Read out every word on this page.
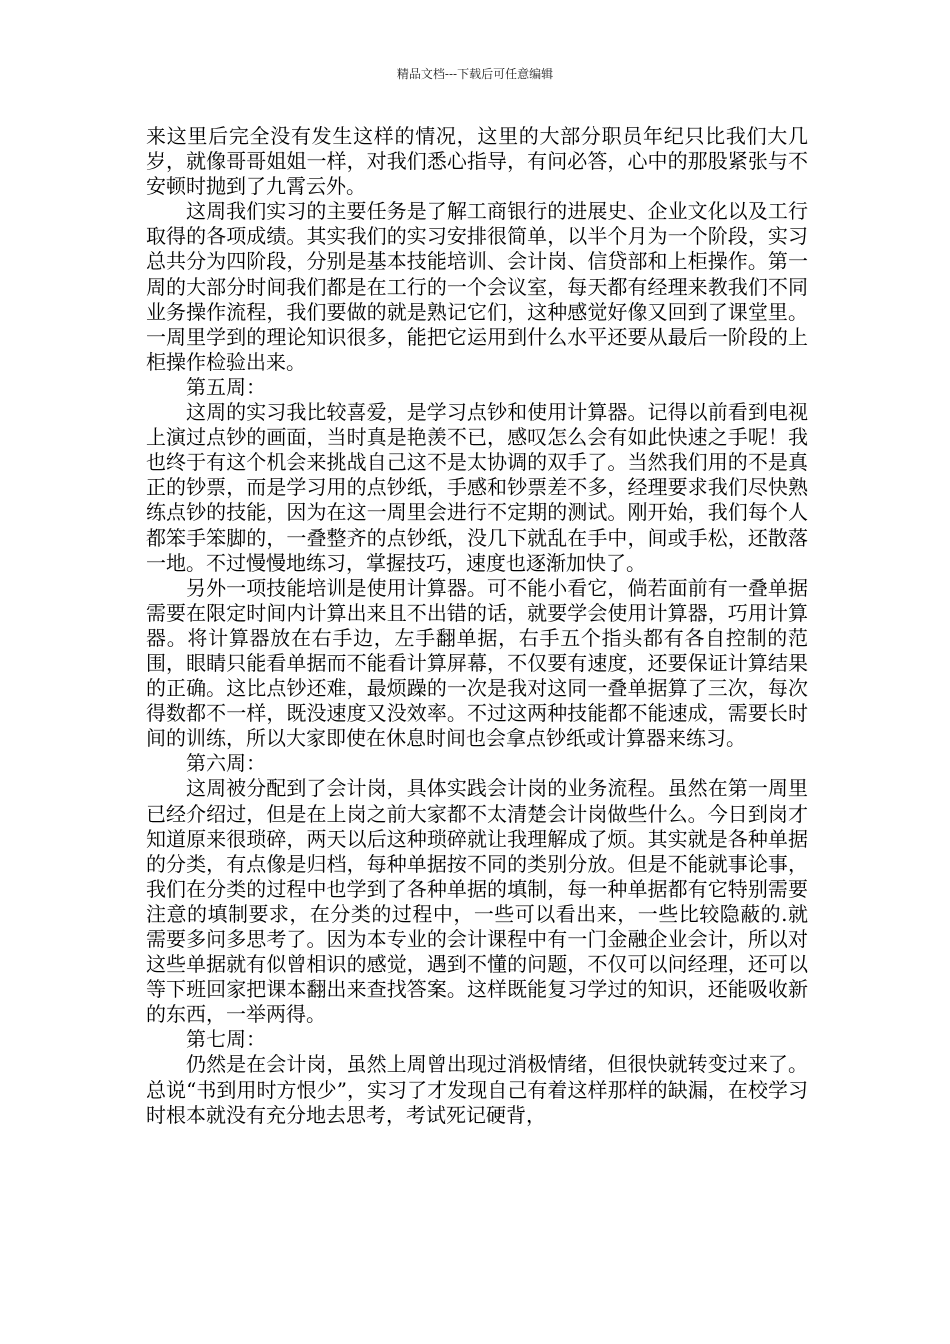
精品文档---下载后可任意编辑

来这里后完全没有发生这样的情况，这里的大部分职员年纪只比我们大几岁，就像哥哥姐姐一样，对我们悉心指导，有问必答，心中的那股紧张与不安顿时抛到了九霄云外。

这周我们实习的主要任务是了解工商银行的进展史、企业文化以及工行取得的各项成绩。其实我们的实习安排很简单，以半个月为一个阶段，实习总共分为四阶段，分别是基本技能培训、会计岗、信贷部和上柜操作。第一周的大部分时间我们都是在工行的一个会议室，每天都有经理来教我们不同业务操作流程，我们要做的就是熟记它们，这种感觉好像又回到了课堂里。一周里学到的理论知识很多，能把它运用到什么水平还要从最后一阶段的上柜操作检验出来。

第五周：

这周的实习我比较喜爱，是学习点钞和使用计算器。记得以前看到电视上演过点钞的画面，当时真是艳羡不已，感叹怎么会有如此快速之手呢！我也终于有这个机会来挑战自己这不是太协调的双手了。当然我们用的不是真正的钞票，而是学习用的点钞纸，手感和钞票差不多，经理要求我们尽快熟练点钞的技能，因为在这一周里会进行不定期的测试。刚开始，我们每个人都笨手笨脚的，一叠整齐的点钞纸，没几下就乱在手中，间或手松，还散落一地。不过慢慢地练习，掌握技巧，速度也逐渐加快了。

另外一项技能培训是使用计算器。可不能小看它，倘若面前有一叠单据需要在限定时间内计算出来且不出错的话，就要学会使用计算器，巧用计算器。将计算器放在右手边，左手翻单据，右手五个指头都有各自控制的范围，眼睛只能看单据而不能看计算屏幕，不仅要有速度，还要保证计算结果的正确。这比点钞还难，最烦躁的一次是我对这同一叠单据算了三次，每次得数都不一样，既没速度又没效率。不过这两种技能都不能速成，需要长时间的训练，所以大家即使在休息时间也会拿点钞纸或计算器来练习。

第六周：

这周被分配到了会计岗，具体实践会计岗的业务流程。虽然在第一周里已经介绍过，但是在上岗之前大家都不太清楚会计岗做些什么。今日到岗才知道原来很琐碎，两天以后这种琐碎就让我理解成了烦。其实就是各种单据的分类，有点像是归档，每种单据按不同的类别分放。但是不能就事论事，我们在分类的过程中也学到了各种单据的填制，每一种单据都有它特别需要注意的填制要求，在分类的过程中，一些可以看出来，一些比较隐蔽的.就需要多问多思考了。因为本专业的会计课程中有一门金融企业会计，所以对这些单据就有似曾相识的感觉，遇到不懂的问题，不仅可以问经理，还可以等下班回家把课本翻出来查找答案。这样既能复习学过的知识，还能吸收新的东西，一举两得。

第七周：

仍然是在会计岗，虽然上周曾出现过消极情绪，但很快就转变过来了。总说“书到用时方恨少”，实习了才发现自己有着这样那样的缺漏，在校学习时根本就没有充分地去思考，考试死记硬背，
